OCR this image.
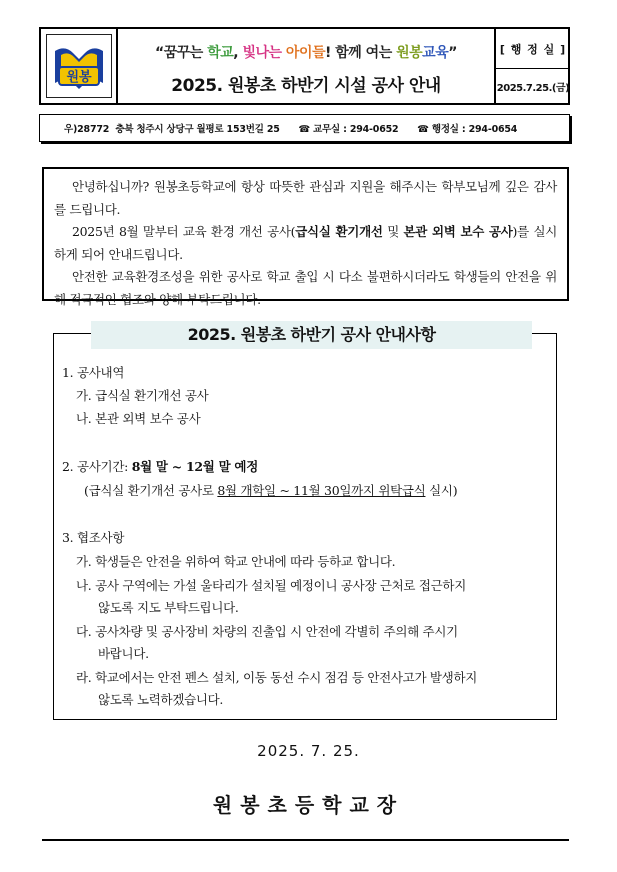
원봉
“꿈꾸는 학교, 빛나는 아이들! 함께 여는 원봉교육”
2025. 원봉초 하반기 시설 공사 안내
[ 행 정 실 ]
2025.7.25.(금)
우)28772  충북 청주시 상당구 월평로 153번길 25
☎ 교무실 : 294-0652
☎ 행정실 : 294-0654

안녕하십니까? 원봉초등학교에 항상 따뜻한 관심과 지원을 해주시는 학부모님께 깊은 감사를 드립니다.

2025년 8월 말부터 교육 환경 개선 공사(급식실 환기개선 및 본관 외벽 보수 공사)를 실시하게 되어 안내드립니다.

안전한 교육환경조성을 위한 공사로 학교 출입 시 다소 불편하시더라도 학생들의 안전을 위해 적극적인 협조와 양해 부탁드립니다.

2025. 원봉초 하반기 공사 안내사항
1. 공사내역
가. 급식실 환기개선 공사
나. 본관 외벽 보수 공사
2. 공사기간: 8월 말 ~ 12월 말 예정
(급식실 환기개선 공사로 8월 개학일 ~ 11월 30일까지 위탁급식 실시)
3. 협조사항
가. 학생들은 안전을 위하여 학교 안내에 따라 등하교 합니다.
나. 공사 구역에는 가설 울타리가 설치될 예정이니 공사장 근처로 접근하지
않도록 지도 부탁드립니다.
다. 공사차량 및 공사장비 차량의 진출입 시 안전에 각별히 주의해 주시기
바랍니다.
라. 학교에서는 안전 펜스 설치, 이동 동선 수시 점검 등 안전사고가 발생하지
않도록 노력하겠습니다.
2025. 7. 25.
원봉초등학교장
